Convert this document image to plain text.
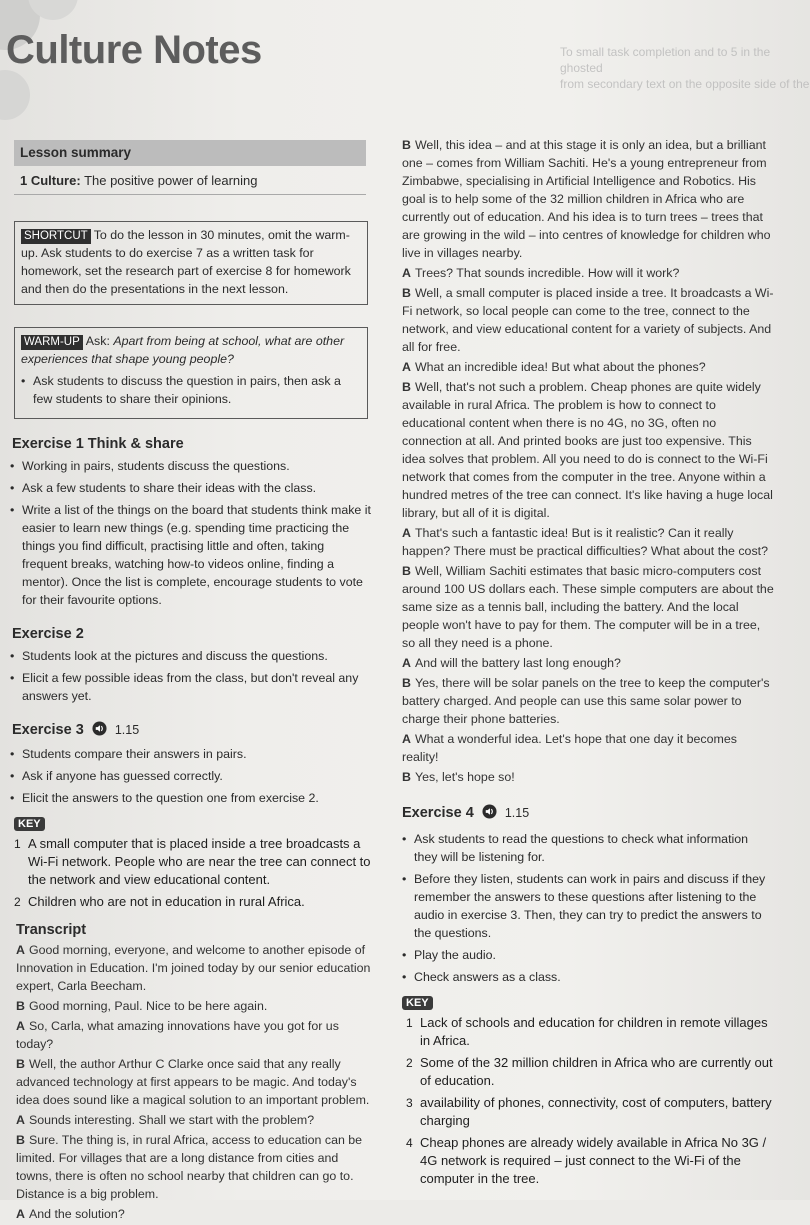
Culture Notes	To small task completion and to 5 in the
ghosted
from secondary text on the opposite side of the
Lesson summary
1 Culture: The positive power of learning
SHORTCUT To do the lesson in 30 minutes, omit the warm-up. Ask students to do exercise 7 as a written task for homework, set the research part of exercise 8 for homework and then do the presentations in the next lesson.
WARM-UP Ask: Apart from being at school, what are other experiences that shape young people?
• Ask students to discuss the question in pairs, then ask a few students to share their opinions.
Exercise 1 Think & share
• Working in pairs, students discuss the questions.
• Ask a few students to share their ideas with the class.
• Write a list of the things on the board that students think make it easier to learn new things (e.g. spending time practicing the things you find difficult, practising little and often, taking frequent breaks, watching how-to videos online, finding a mentor). Once the list is complete, encourage students to vote for their favourite options.
Exercise 2
• Students look at the pictures and discuss the questions.
• Elicit a few possible ideas from the class, but don't reveal any answers yet.
Exercise 3 1.15
• Students compare their answers in pairs.
• Ask if anyone has guessed correctly.
• Elicit the answers to the question one from exercise 2.
KEY
1 A small computer that is placed inside a tree broadcasts a Wi-Fi network. People who are near the tree can connect to the network and view educational content.
2 Children who are not in education in rural Africa.
Transcript
A Good morning, everyone, and welcome to another episode of Innovation in Education. I'm joined today by our senior education expert, Carla Beecham.
B Good morning, Paul. Nice to be here again.
A So, Carla, what amazing innovations have you got for us today?
B Well, the author Arthur C Clarke once said that any really advanced technology at first appears to be magic. And today's idea does sound like a magical solution to an important problem.
A Sounds interesting. Shall we start with the problem?
B Sure. The thing is, in rural Africa, access to education can be limited. For villages that are a long distance from cities and towns, there is often no school nearby that children can go to. Distance is a big problem.
A And the solution?
B Well, this idea – and at this stage it is only an idea, but a brilliant one – comes from William Sachiti. He's a young entrepreneur from Zimbabwe, specialising in Artificial Intelligence and Robotics. His goal is to help some of the 32 million children in Africa who are currently out of education. And his idea is to turn trees – trees that are growing in the wild – into centres of knowledge for children who live in villages nearby.
A Trees? That sounds incredible. How will it work?
B Well, a small computer is placed inside a tree. It broadcasts a Wi-Fi network, so local people can come to the tree, connect to the network, and view educational content for a variety of subjects. And all for free.
A What an incredible idea! But what about the phones?
B Well, that's not such a problem. Cheap phones are quite widely available in rural Africa. The problem is how to connect to educational content when there is no 4G, no 3G, often no connection at all. And printed books are just too expensive. This idea solves that problem. All you need to do is connect to the Wi-Fi network that comes from the computer in the tree. Anyone within a hundred metres of the tree can connect. It's like having a huge local library, but all of it is digital.
A That's such a fantastic idea! But is it realistic? Can it really happen? There must be practical difficulties? What about the cost?
B Well, William Sachiti estimates that basic micro-computers cost around 100 US dollars each. These simple computers are about the same size as a tennis ball, including the battery. And the local people won't have to pay for them. The computer will be in a tree, so all they need is a phone.
A And will the battery last long enough?
B Yes, there will be solar panels on the tree to keep the computer's battery charged. And people can use this same solar power to charge their phone batteries.
A What a wonderful idea. Let's hope that one day it becomes reality!
B Yes, let's hope so!
Exercise 4 1.15
• Ask students to read the questions to check what information they will be listening for.
• Before they listen, students can work in pairs and discuss if they remember the answers to these questions after listening to the audio in exercise 3. Then, they can try to predict the answers to the questions.
• Play the audio.
• Check answers as a class.
KEY
1 Lack of schools and education for children in remote villages in Africa.
2 Some of the 32 million children in Africa who are currently out of education.
3 availability of phones, connectivity, cost of computers, battery charging
4 Cheap phones are already widely available in Africa No 3G / 4G network is required – just connect to the Wi-Fi of the computer in the tree.
